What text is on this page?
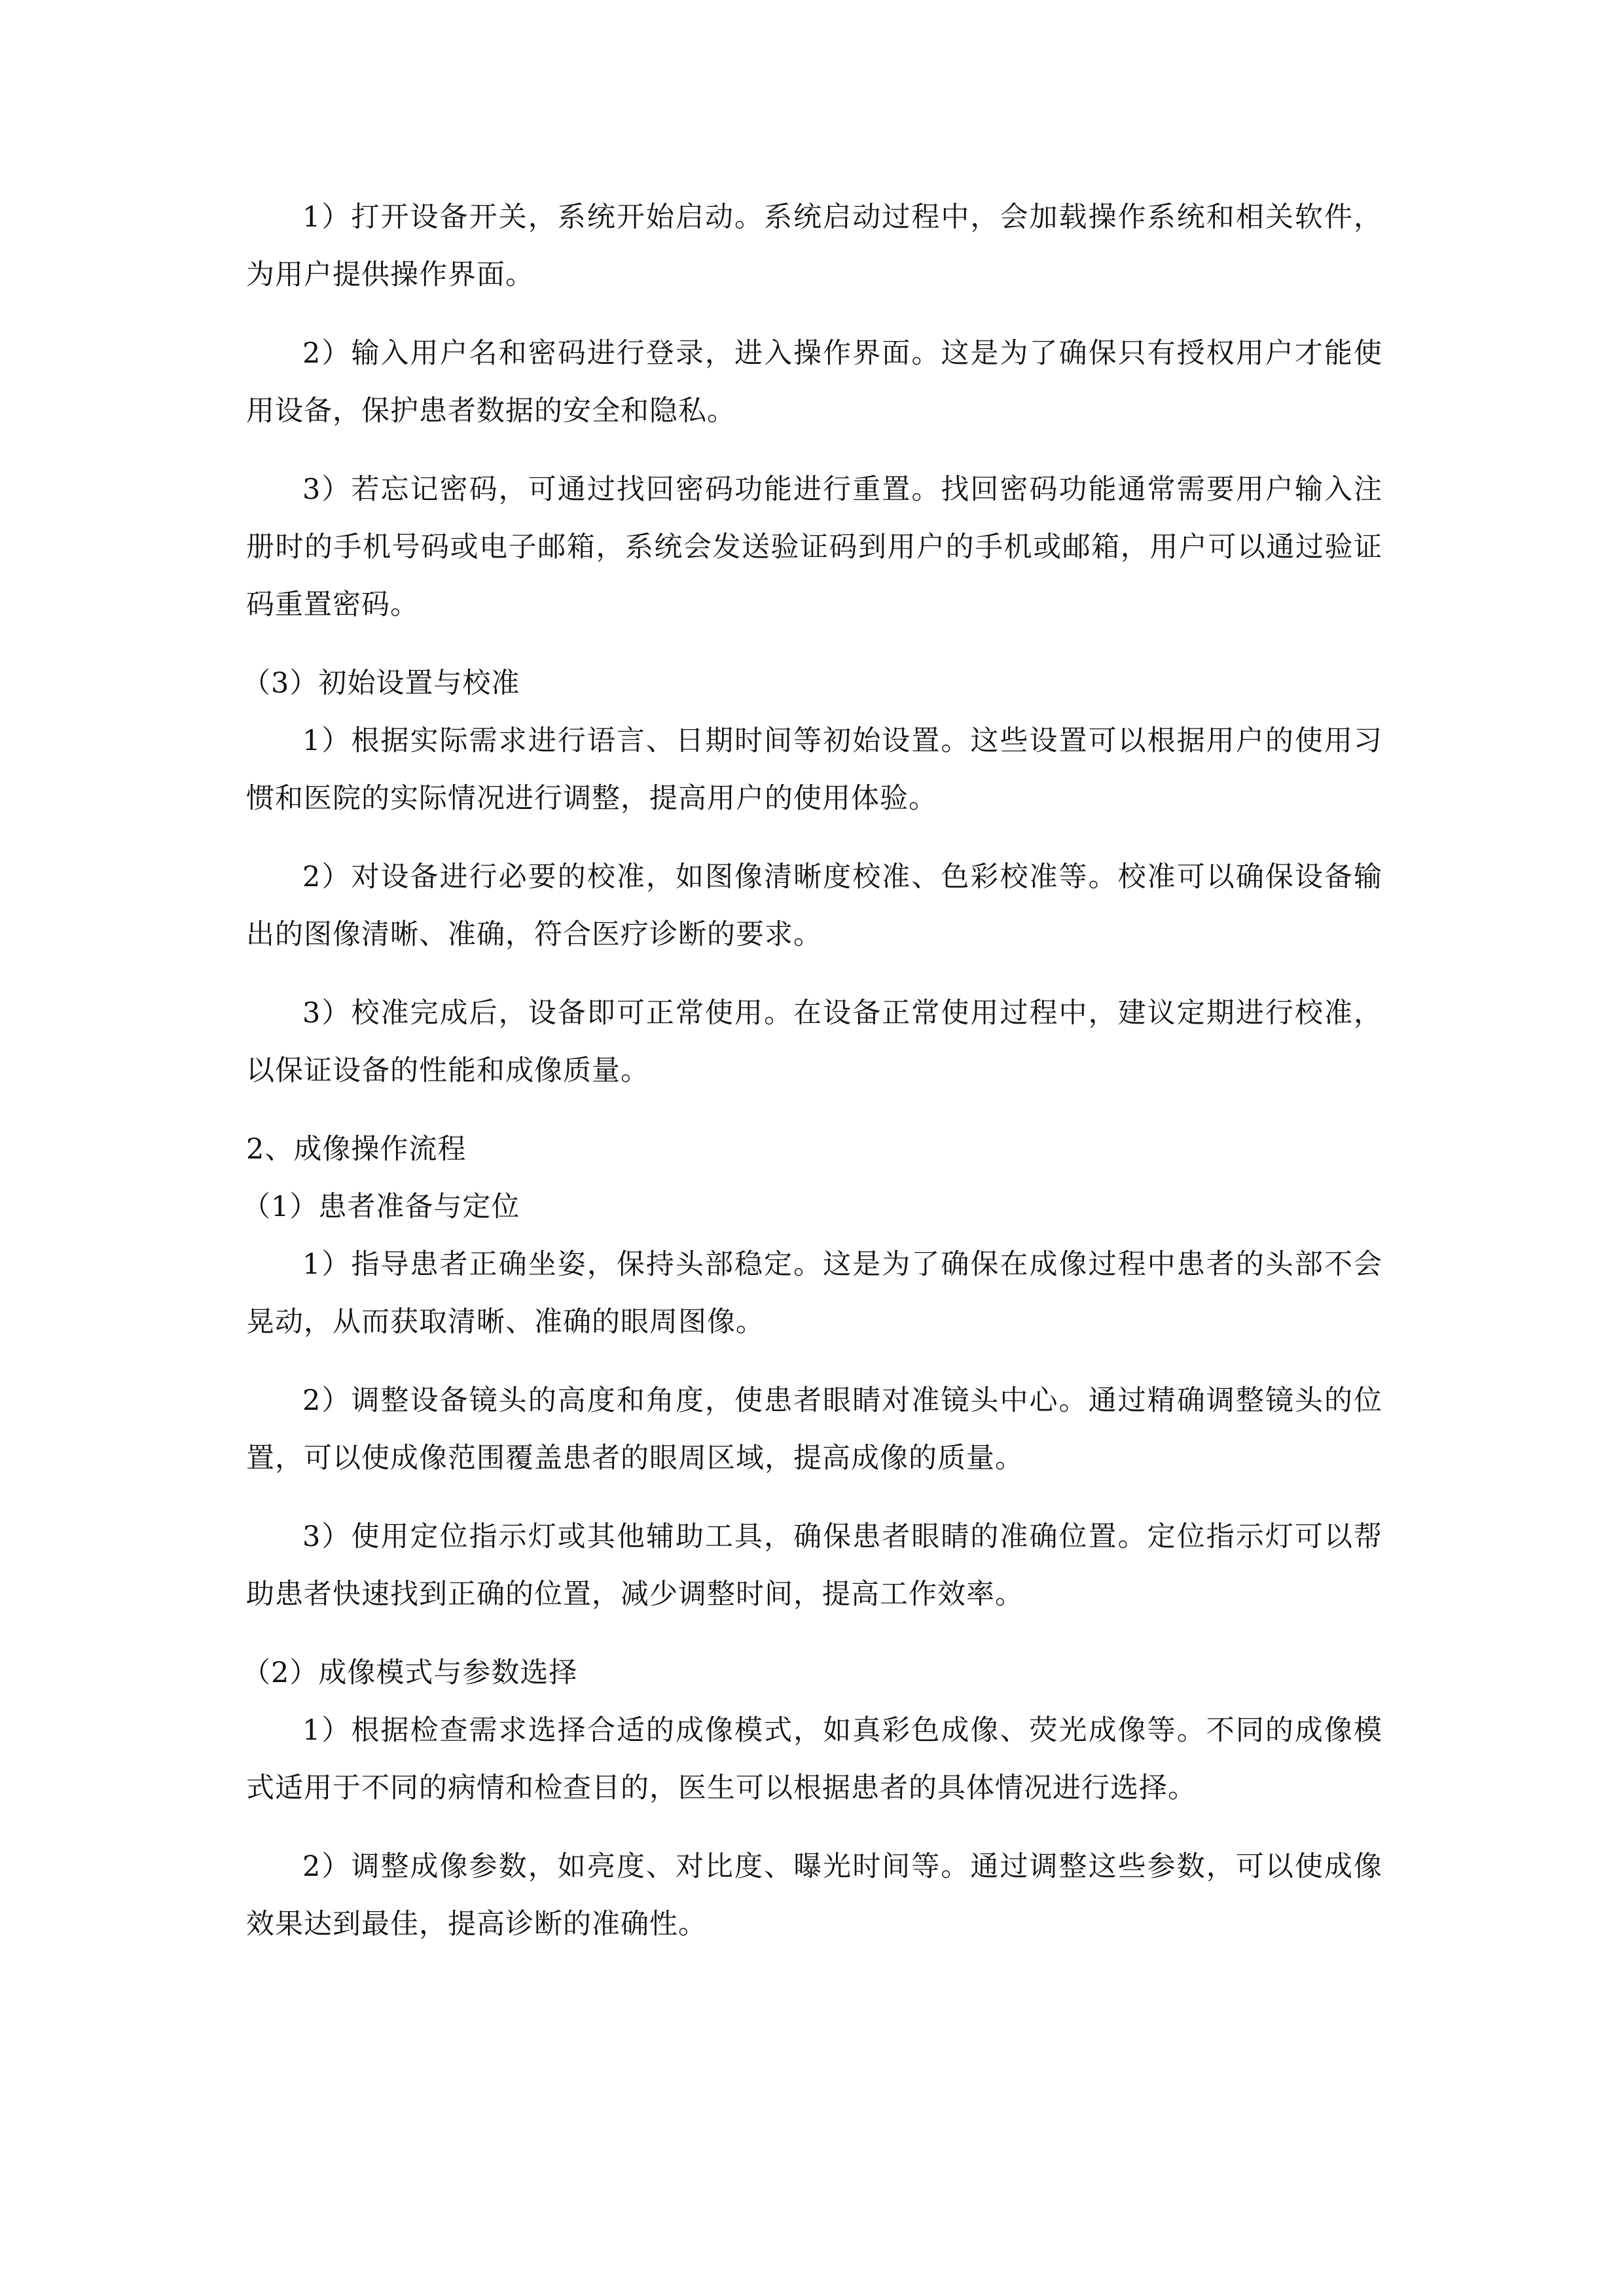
1）打开设备开关，系统开始启动。系统启动过程中，会加载操作系统和相关软件，为用户提供操作界面。

2）输入用户名和密码进行登录，进入操作界面。这是为了确保只有授权用户才能使用设备，保护患者数据的安全和隐私。

3）若忘记密码，可通过找回密码功能进行重置。找回密码功能通常需要用户输入注册时的手机号码或电子邮箱，系统会发送验证码到用户的手机或邮箱，用户可以通过验证码重置密码。

（3）初始设置与校准

1）根据实际需求进行语言、日期时间等初始设置。这些设置可以根据用户的使用习惯和医院的实际情况进行调整，提高用户的使用体验。

2）对设备进行必要的校准，如图像清晰度校准、色彩校准等。校准可以确保设备输出的图像清晰、准确，符合医疗诊断的要求。

3）校准完成后，设备即可正常使用。在设备正常使用过程中，建议定期进行校准，以保证设备的性能和成像质量。

2、成像操作流程

（1）患者准备与定位

1）指导患者正确坐姿，保持头部稳定。这是为了确保在成像过程中患者的头部不会晃动，从而获取清晰、准确的眼周图像。

2）调整设备镜头的高度和角度，使患者眼睛对准镜头中心。通过精确调整镜头的位置，可以使成像范围覆盖患者的眼周区域，提高成像的质量。

3）使用定位指示灯或其他辅助工具，确保患者眼睛的准确位置。定位指示灯可以帮助患者快速找到正确的位置，减少调整时间，提高工作效率。

（2）成像模式与参数选择

1）根据检查需求选择合适的成像模式，如真彩色成像、荧光成像等。不同的成像模式适用于不同的病情和检查目的，医生可以根据患者的具体情况进行选择。

2）调整成像参数，如亮度、对比度、曝光时间等。通过调整这些参数，可以使成像效果达到最佳，提高诊断的准确性。
